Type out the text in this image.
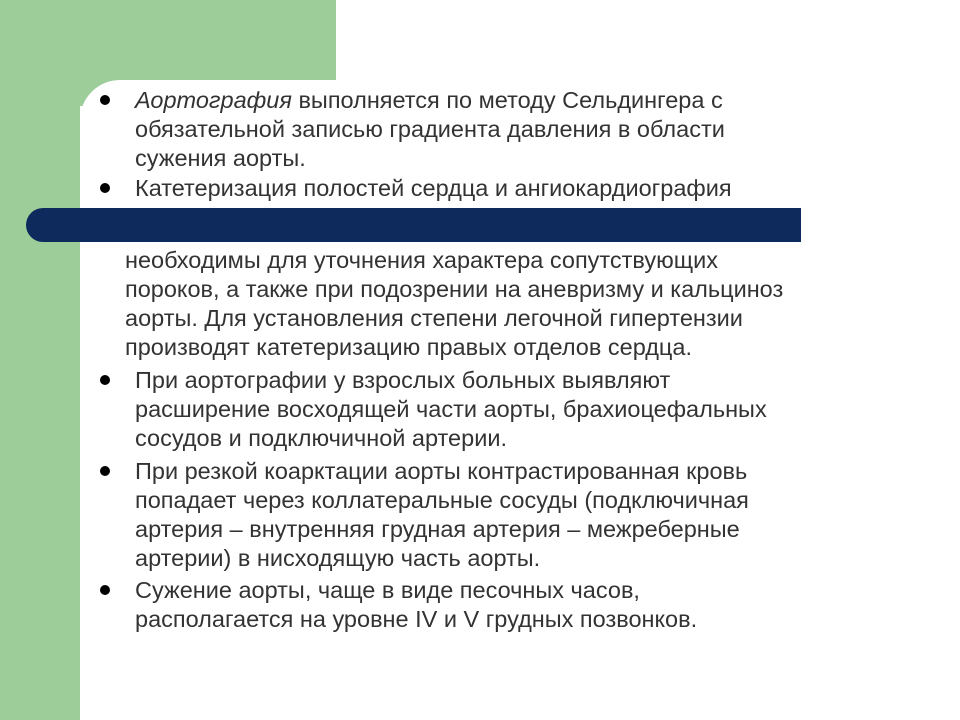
Аортография выполняется по методу Сельдингера с
обязательной записью градиента давления в области
сужения аорты.
Катетеризация полостей сердца и ангиокардиография
необходимы для уточнения характера сопутствующих
пороков, а также при подозрении на аневризму и кальциноз
аорты. Для установления степени легочной гипертензии
производят катетеризацию правых отделов сердца.
При аортографии у взрослых больных выявляют
расширение восходящей части аорты, брахиоцефальных
сосудов и подключичной артерии.
При резкой коарктации аорты контрастированная кровь
попадает через коллатеральные сосуды (подключичная
артерия – внутренняя грудная артерия – межреберные
артерии) в нисходящую часть аорты.
Сужение аорты, чаще в виде песочных часов,
располагается на уровне IV и V грудных позвонков.
